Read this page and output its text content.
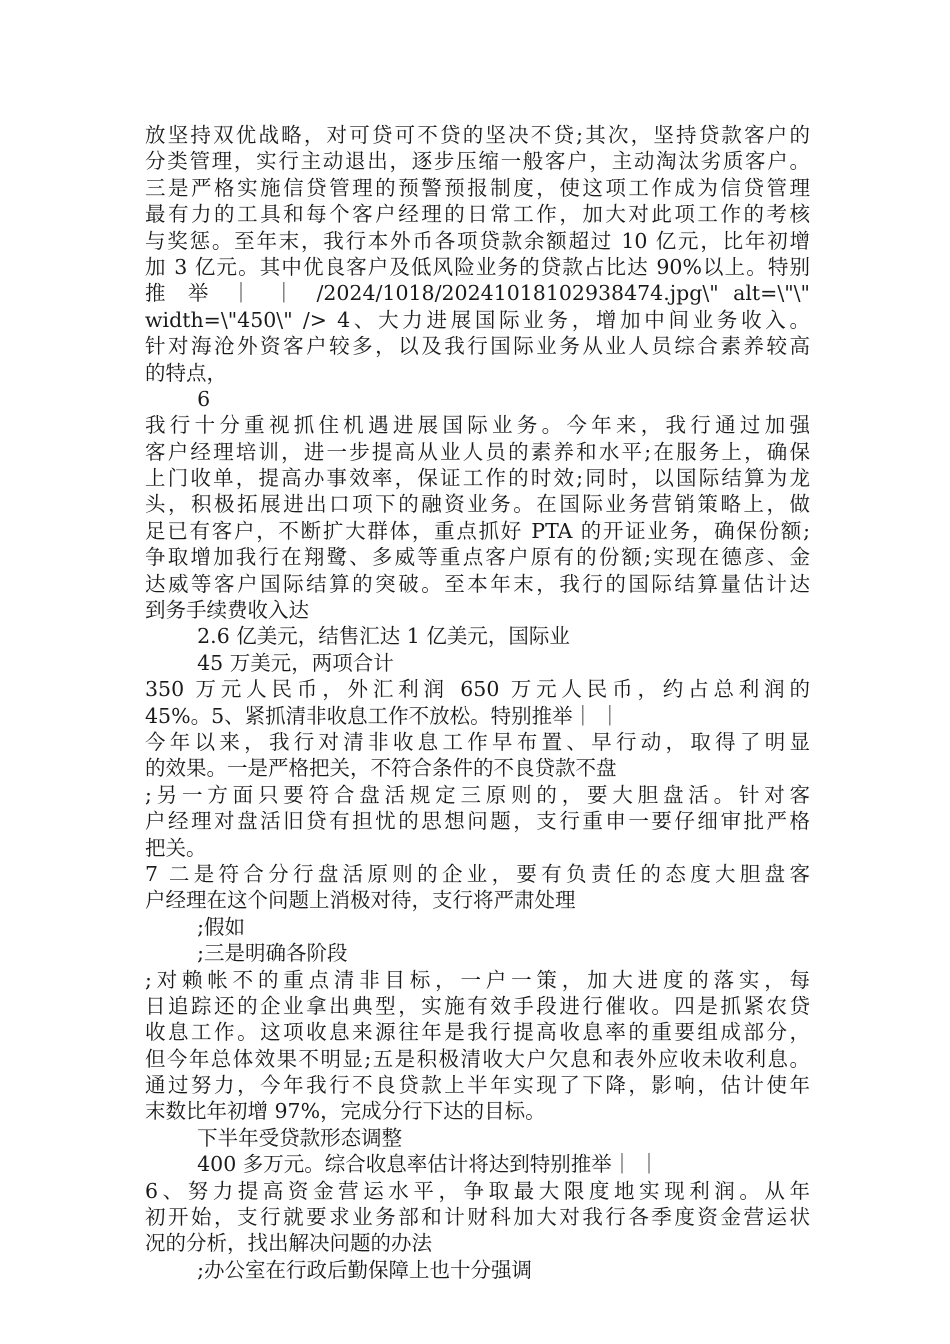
放坚持双优战略，对可贷可不贷的坚决不贷;其次，坚持贷款客户的
分类管理，实行主动退出，逐步压缩一般客户，主动淘汰劣质客户。
三是严格实施信贷管理的预警预报制度，使这项工作成为信贷管理
最有力的工具和每个客户经理的日常工作，加大对此项工作的考核
与奖惩。至年末，我行本外币各项贷款余额超过 10 亿元，比年初增
加 3 亿元。其中优良客户及低风险业务的贷款占比达 90%以上。特别
推 举 ｜ ｜ /2024/1018/20241018102938474.jpg\" alt=\"\"
width=\"450\" /> 4、大力进展国际业务，增加中间业务收入。
针对海沧外资客户较多，以及我行国际业务从业人员综合素养较高
的特点，
6
我行十分重视抓住机遇进展国际业务。今年来，我行通过加强
客户经理培训，进一步提高从业人员的素养和水平;在服务上，确保
上门收单，提高办事效率，保证工作的时效;同时，以国际结算为龙
头，积极拓展进出口项下的融资业务。在国际业务营销策略上，做
足已有客户，不断扩大群体，重点抓好 PTA 的开证业务，确保份额;
争取增加我行在翔鹭、多威等重点客户原有的份额;实现在德彦、金
达威等客户国际结算的突破。至本年末，我行的国际结算量估计达
到务手续费收入达
2.6 亿美元，结售汇达 1 亿美元，国际业
45 万美元，两项合计
350 万元人民币，外汇利润 650 万元人民币，约占总利润的
45%。5、紧抓清非收息工作不放松。特别推举｜ ｜
今年以来，我行对清非收息工作早布置、早行动，取得了明显
的效果。一是严格把关，不符合条件的不良贷款不盘
;另一方面只要符合盘活规定三原则的，要大胆盘活。针对客
户经理对盘活旧贷有担忧的思想问题，支行重申一要仔细审批严格
把关。
7 二是符合分行盘活原则的企业，要有负责任的态度大胆盘客
户经理在这个问题上消极对待，支行将严肃处理
;假如
;三是明确各阶段
;对赖帐不的重点清非目标，一户一策，加大进度的落实，每
日追踪还的企业拿出典型，实施有效手段进行催收。四是抓紧农贷
收息工作。这项收息来源往年是我行提高收息率的重要组成部分，
但今年总体效果不明显;五是积极清收大户欠息和表外应收未收利息。
通过努力，今年我行不良贷款上半年实现了下降，影响，估计使年
末数比年初增 97%，完成分行下达的目标。
下半年受贷款形态调整
400 多万元。综合收息率估计将达到特别推举｜ ｜
6、努力提高资金营运水平，争取最大限度地实现利润。从年
初开始，支行就要求业务部和计财科加大对我行各季度资金营运状
况的分析，找出解决问题的办法
;办公室在行政后勤保障上也十分强调
